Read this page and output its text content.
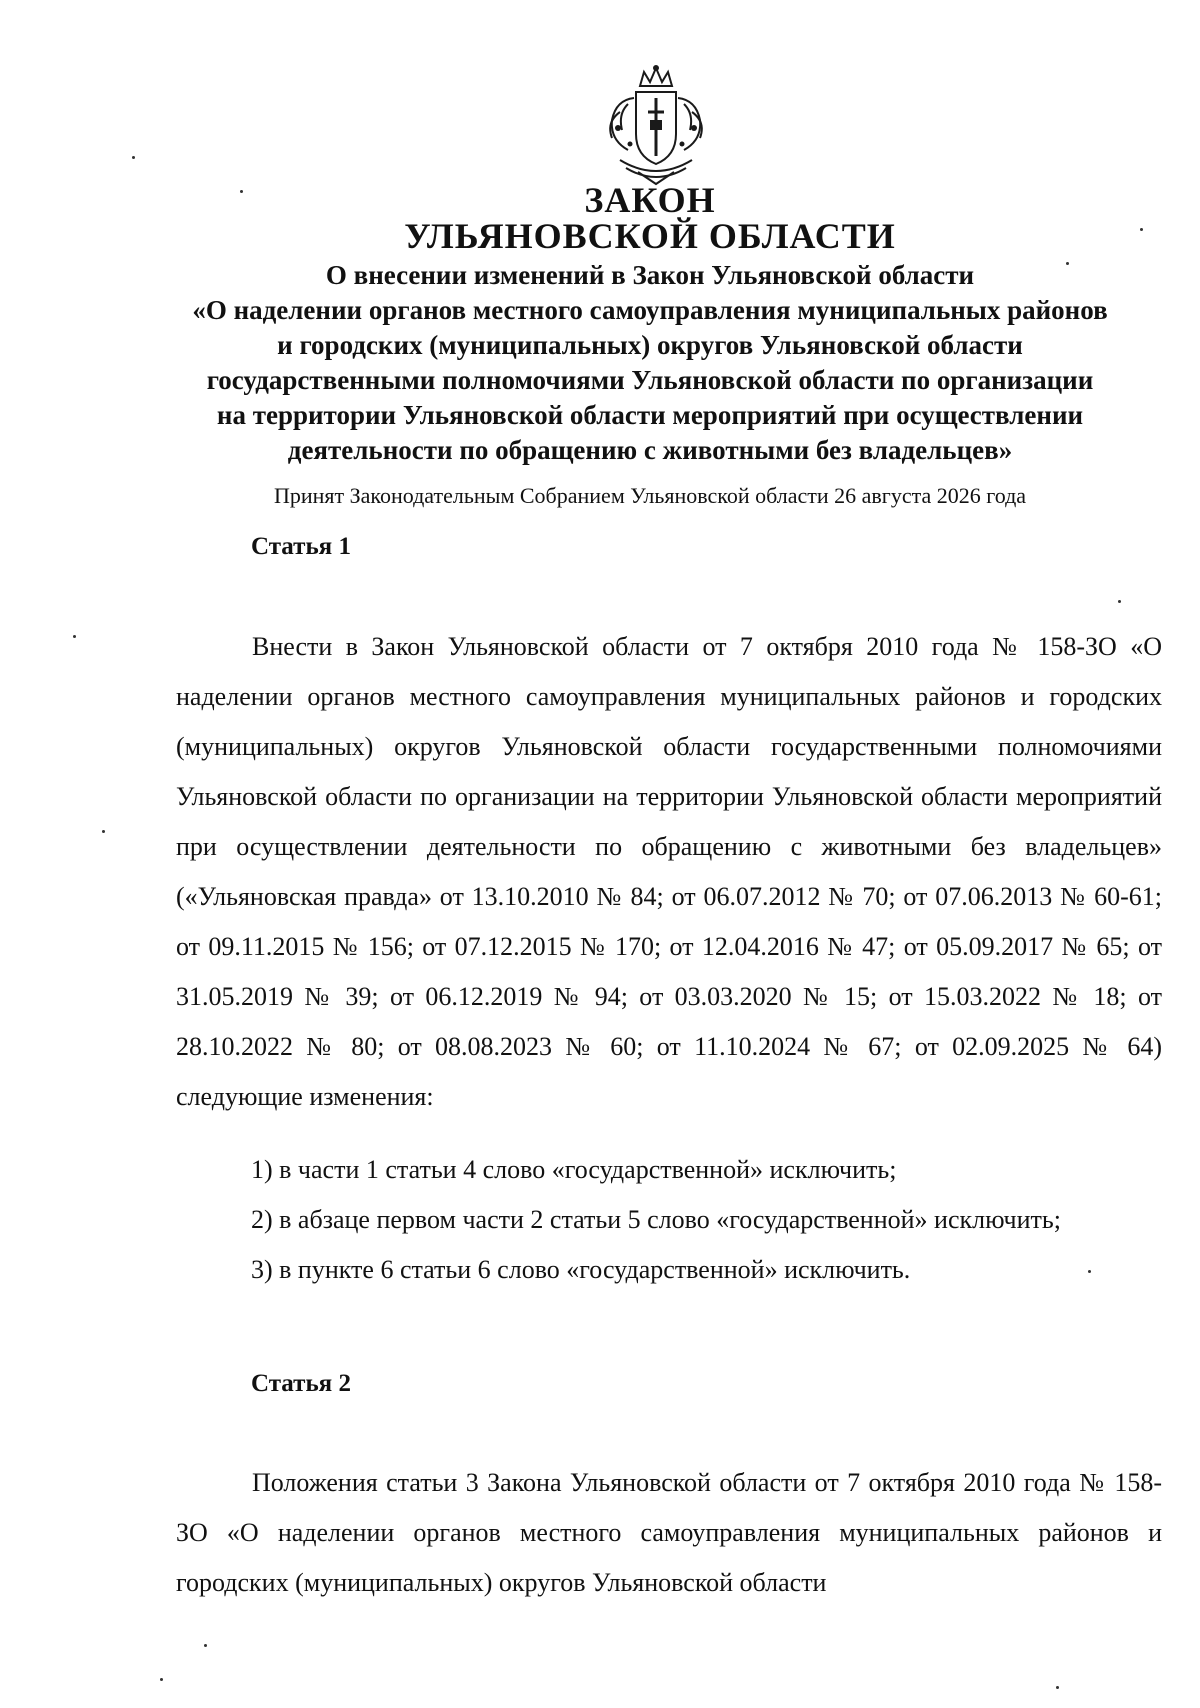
ЗАКОН
УЛЬЯНОВСКОЙ ОБЛАСТИ
О внесении изменений в Закон Ульяновской области
«О наделении органов местного самоуправления муниципальных районов
и городских (муниципальных) округов Ульяновской области
государственными полномочиями Ульяновской области по организации
на территории Ульяновской области мероприятий при осуществлении
деятельности по обращению с животными без владельцев»
Принят Законодательным Собранием Ульяновской области 26 августа 2026 года
Статья 1

Внести в Закон Ульяновской области от 7 октября 2010 года № 158-ЗО «О наделении органов местного самоуправления муниципальных районов и городских (муниципальных) округов Ульяновской области государственными полномочиями Ульяновской области по организации на территории Ульяновской области мероприятий при осуществлении деятельности по обращению с животными без владельцев» («Ульяновская правда» от 13.10.2010 № 84; от 06.07.2012 № 70; от 07.06.2013 № 60-61; от 09.11.2015 № 156; от 07.12.2015 № 170; от 12.04.2016 № 47; от 05.09.2017 № 65; от 31.05.2019 № 39; от 06.12.2019 № 94; от 03.03.2020 № 15; от 15.03.2022 № 18; от 28.10.2022 № 80; от 08.08.2023 № 60; от 11.10.2024 № 67; от 02.09.2025 № 64) следующие изменения:

1) в части 1 статьи 4 слово «государственной» исключить;

2) в абзаце первом части 2 статьи 5 слово «государственной» исключить;

3) в пункте 6 статьи 6 слово «государственной» исключить.

Статья 2

Положения статьи 3 Закона Ульяновской области от 7 октября 2010 года № 158-ЗО «О наделении органов местного самоуправления муниципальных районов и городских (муниципальных) округов Ульяновской области
